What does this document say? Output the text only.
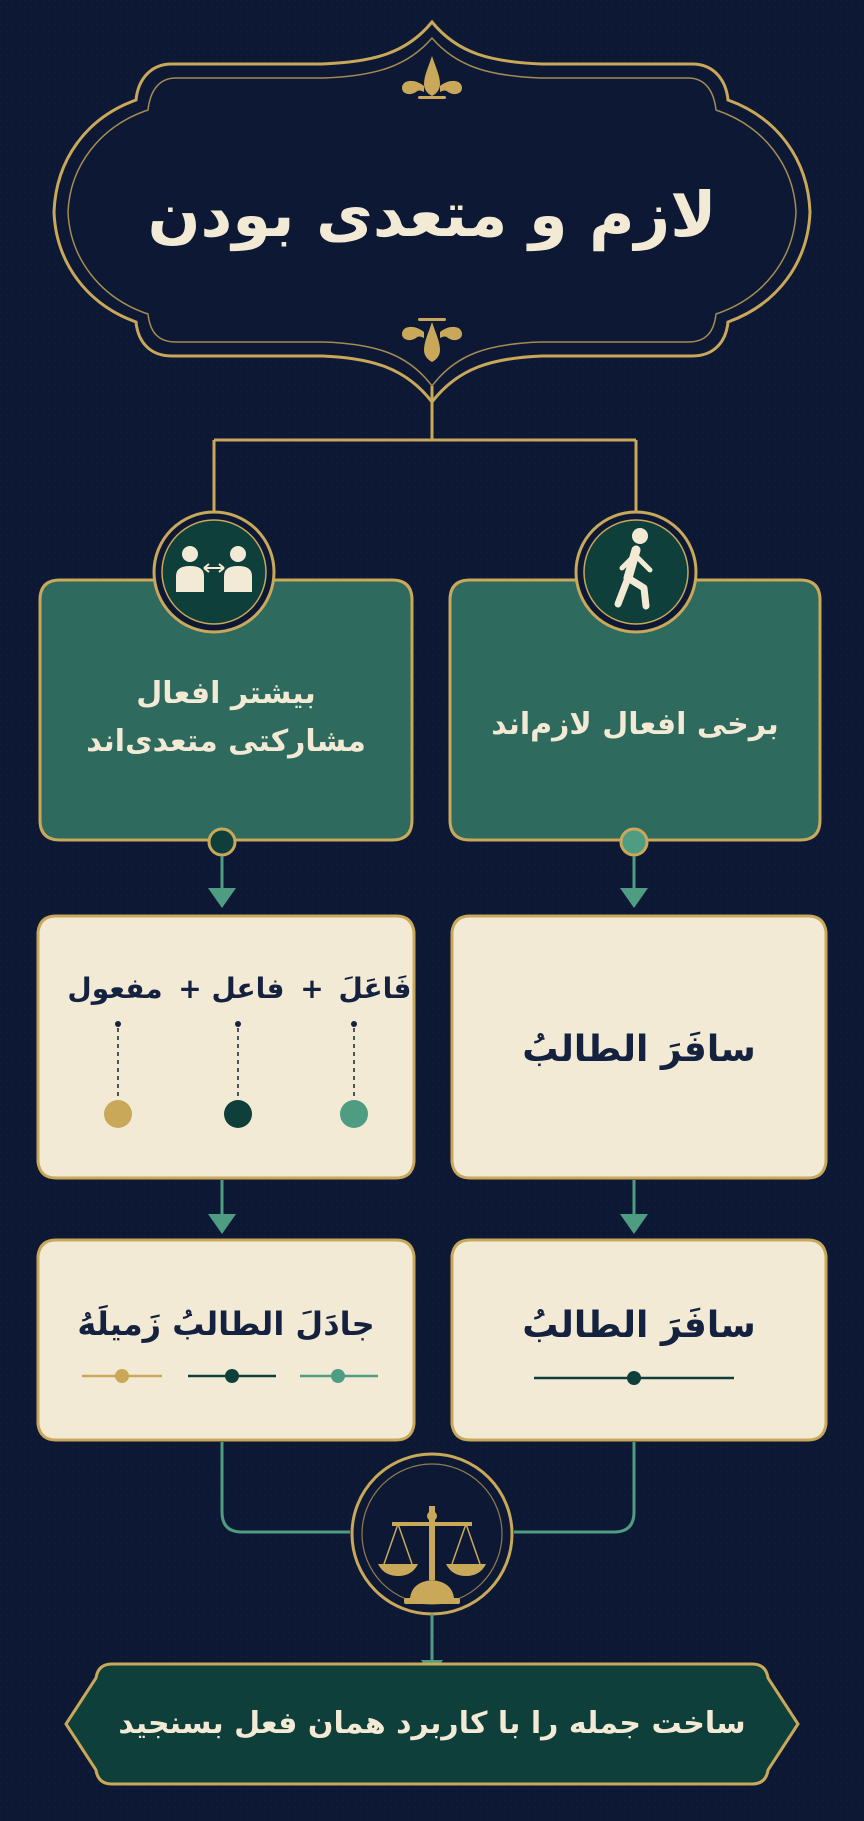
لازم و متعدی بودن
بیشتر افعال
مشارکتی متعدی‌اند	برخی افعال لازم‌اند
فَاعَلَ
+
فاعل
+
مفعول
سافَرَ الطالبُ
جادَلَ الطالبُ زَمیلَهُ	سافَرَ الطالبُ
ساخت جمله را با کاربرد همان فعل بسنجید
